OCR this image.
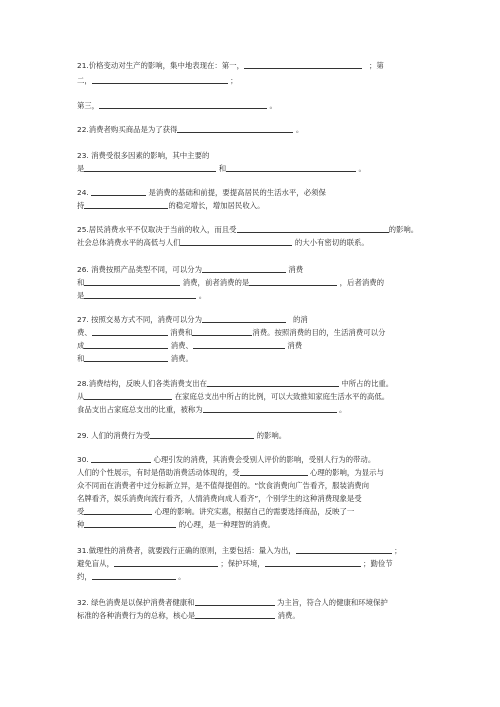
21.价格变动对生产的影响，集中地表现在：第一，	；第
二，	；
第三，	。
22.消费者购买商品是为了获得	。
23. 消费受很多因素的影响，其中主要的
是	和	。
24.	是消费的基础和前提，要提高居民的生活水平，必须保
持	的稳定增长，增加居民收入。
25.居民消费水平不仅取决于当前的收入，而且受	的影响。
社会总体消费水平的高低与人们	的大小有密切的联系。
26. 消费按照产品类型不同，可以分为	消费
和	消费，前者消费的是	，后者消费的
是	。
27. 按照交易方式不同，消费可以分为	的消
费、	消费和	消费。按照消费的目的，生活消费可以分
成	消费、	消费
和	消费。
28.消费结构，反映人们各类消费支出在	中所占的比重。
从	在家庭总支出中所占的比例，可以大致推知家庭生活水平的高低。
食品支出占家庭总支出的比重，被称为	。
29. 人们的消费行为受	的影响。
30.	心理引发的消费，其消费会受别人评价的影响，受别人行为的带动。
人们的个性展示，有时是借助消费活动体现的，受	心理的影响，为显示与
众不同而在消费者中过分标新立异，是不值得提倡的。“饮食消费向广告看齐，服装消费向
名牌看齐，娱乐消费向流行看齐，人情消费向成人看齐”，个别学生的这种消费现象是受
受	心理的影响。讲究实惠，根据自己的需要选择商品，反映了一
种	的心理，是一种理智的消费。
31.做理性的消费者，就要践行正确的原则，主要包括：量入为出，	；
避免盲从，	；保护环境，	；勤俭节
约，	。
32. 绿色消费是以保护消费者健康和	为主旨，符合人的健康和环境保护
标准的各种消费行为的总称，核心是	消费。
